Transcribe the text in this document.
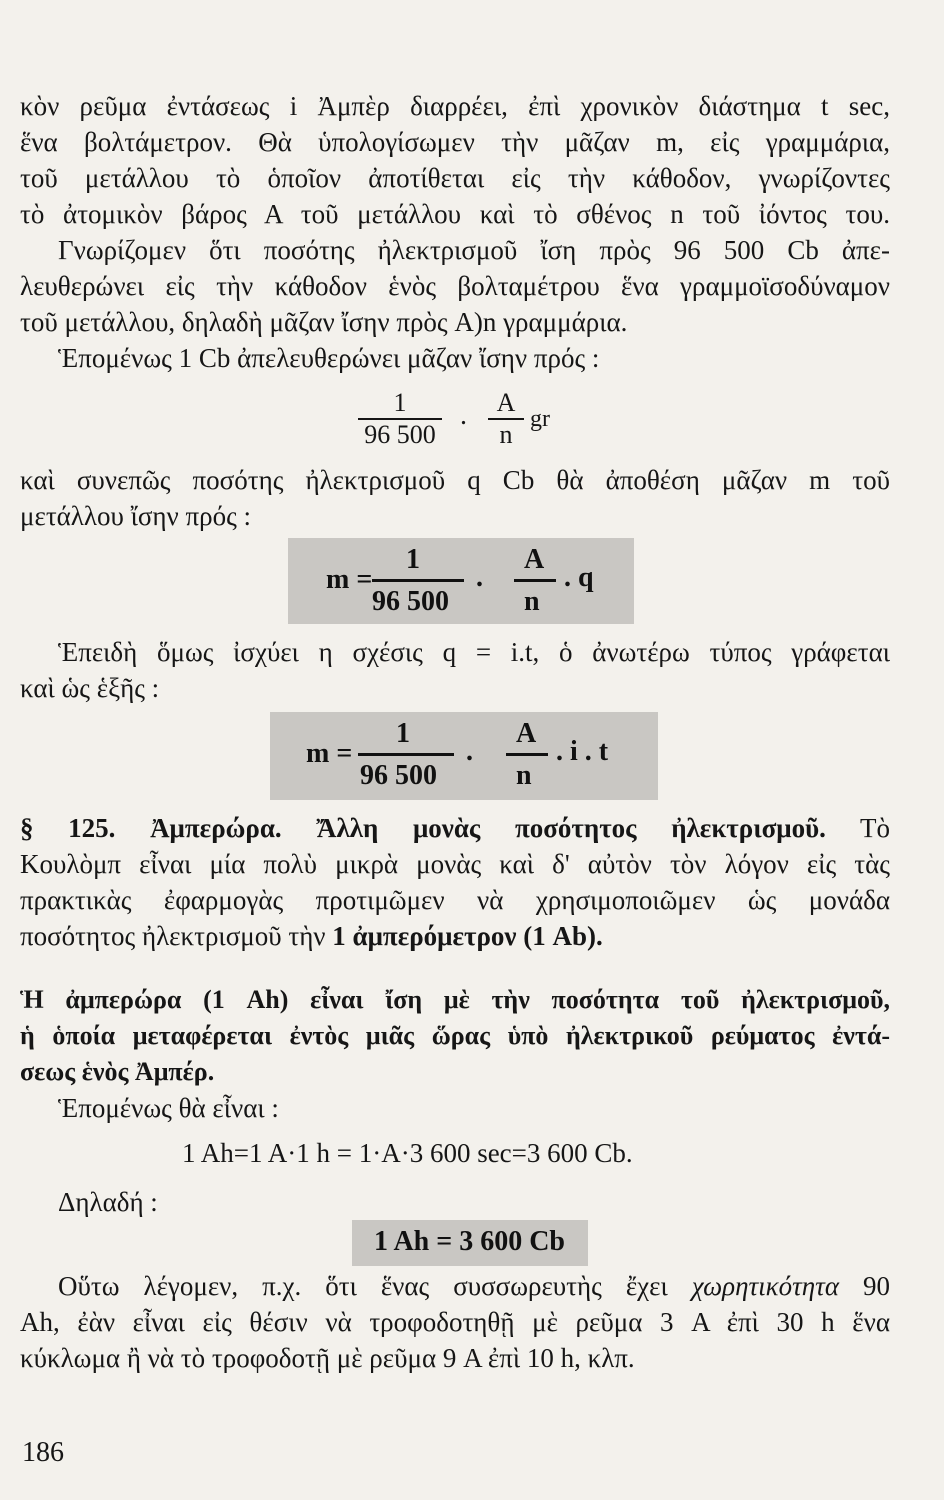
κὸν ρεῦμα ἐντάσεως i Ἀμπὲρ διαρρέει, ἐπὶ χρονικὸν διάστημα t sec,
ἕνα βολτάμετρον. Θὰ ὑπολογίσωμεν τὴν μᾶζαν m, εἰς γραμμάρια,
τοῦ μετάλλου τὸ ὁποῖον ἀποτίθεται εἰς τὴν κάθοδον, γνωρίζοντες
τὸ ἀτομικὸν βάρος Α τοῦ μετάλλου καὶ τὸ σθένος n τοῦ ἰόντος του.
Γνωρίζομεν ὅτι ποσότης ἠλεκτρισμοῦ ἴση πρὸς 96 500 Cb ἀπε-
λευθερώνει εἰς τὴν κάθοδον ἑνὸς βολταμέτρου ἕνα γραμμοϊσοδύναμον
τοῦ μετάλλου, δηλαδὴ μᾶζαν ἴσην πρὸς A)n γραμμάρια.
Ἑπομένως 1 Cb ἀπελευθερώνει μᾶζαν ἴσην πρός :
$\frac{1}{96 500}$ . $\frac{A}{n}$ gr
καὶ συνεπῶς ποσότης ἠλεκτρισμοῦ q Cb θὰ ἀποθέση μᾶζαν m τοῦ
μετάλλου ἴσην πρός :
m =
1
96 500
.
A
n
. q
Ἑπειδὴ ὅμως ἰσχύει η σχέσις q = i.t, ὁ ἀνωτέρω τύπος γράφεται
καὶ ὡς ἑξῆς :
m =
1
96 500
.
A
n
. i . t
§ 125. Ἀμπερώρα. Ἄλλη μονὰς ποσότητος ἠλεκτρισμοῦ. Τὸ
Κουλὸμπ εἶναι μία πολὺ μικρὰ μονὰς καὶ δ' αὐτὸν τὸν λόγον εἰς τὰς
πρακτικὰς ἐφαρμογὰς προτιμῶμεν νὰ χρησιμοποιῶμεν ὡς μονάδα
ποσότητος ἠλεκτρισμοῦ τὴν 1 ἀμπερόμετρον (1 Ab).
Ἡ ἀμπερώρα (1 Ah) εἶναι ἴση μὲ τὴν ποσότητα τοῦ ἠλεκτρισμοῦ,
ἡ ὁποία μεταφέρεται ἐντὸς μιᾶς ὥρας ὑπὸ ἠλεκτρικοῦ ρεύματος ἐντά-
σεως ἑνὸς Ἀμπέρ.
Ἑπομένως θὰ εἶναι :
1 Ah=1 A·1 h = 1·A·3 600 sec=3 600 Cb.
Δηλαδή :
1 Ah = 3 600 Cb
Οὕτω λέγομεν, π.χ. ὅτι ἕνας συσσωρευτὴς ἔχει χωρητικότητα 90
Ah, ἐὰν εἶναι εἰς θέσιν νὰ τροφοδοτηθῇ μὲ ρεῦμα 3 A ἐπὶ 30 h ἕνα
κύκλωμα ἢ νὰ τὸ τροφοδοτῇ μὲ ρεῦμα 9 A ἐπὶ 10 h, κλπ.
186
